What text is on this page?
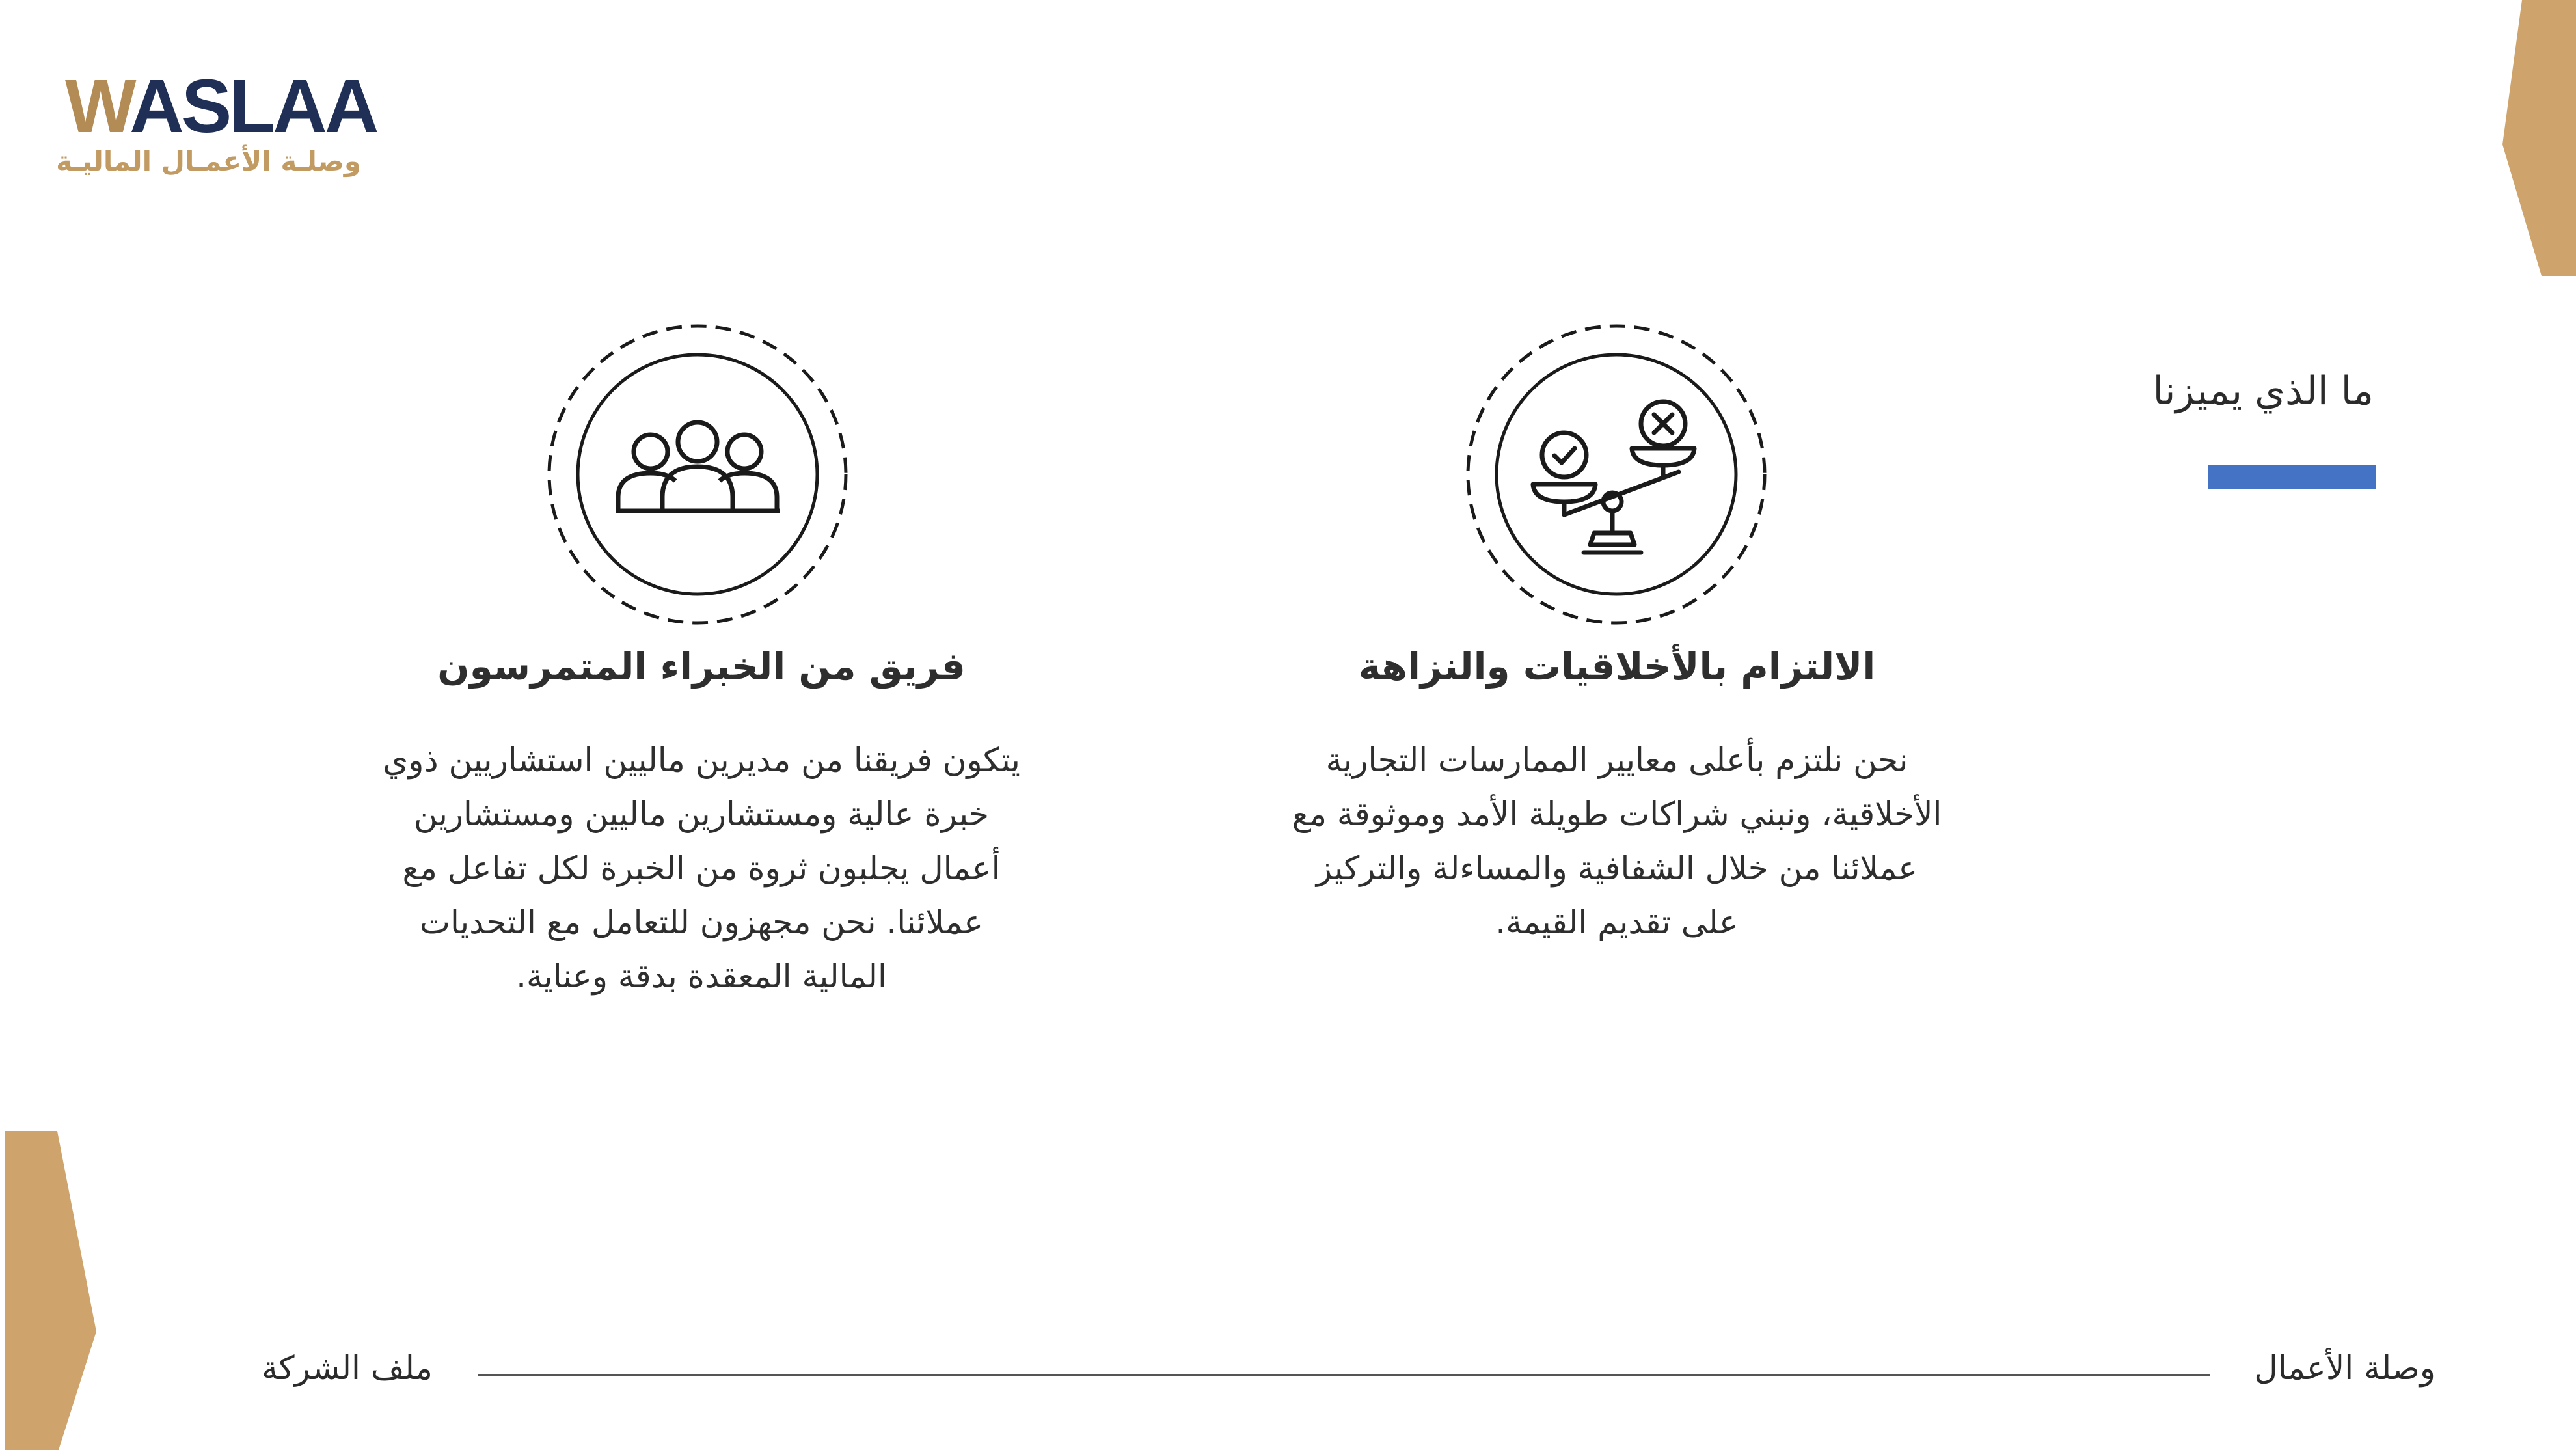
WASLAA
وصلـة الأعمـال الماليـة
ما الذي يميزنا
الالتزام بالأخلاقيات والنزاهة
نحن نلتزم بأعلى معايير الممارسات التجارية الأخلاقية، ونبني شراكات طويلة الأمد وموثوقة مع عملائنا من خلال الشفافية والمساءلة والتركيز على تقديم القيمة.
فريق من الخبراء المتمرسون
يتكون فريقنا من مديرين ماليين استشاريين ذوي خبرة عالية ومستشارين ماليين ومستشارين أعمال يجلبون ثروة من الخبرة لكل تفاعل مع عملائنا. نحن مجهزون للتعامل مع التحديات المالية المعقدة بدقة وعناية.
وصلة الأعمال
ملف الشركة
